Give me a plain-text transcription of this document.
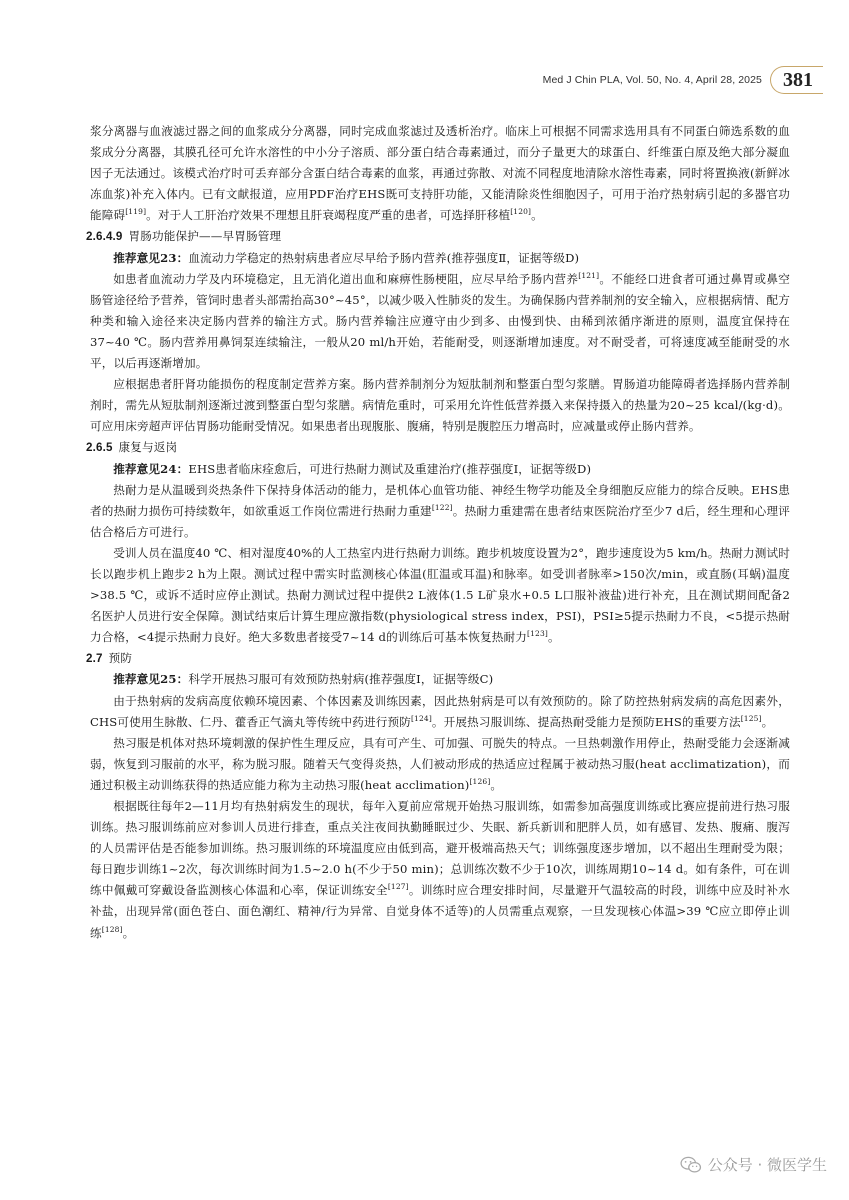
Med J Chin PLA, Vol. 50, No. 4, April 28, 2025	381

浆分离器与血液滤过器之间的血浆成分分离器，同时完成血浆滤过及透析治疗。临床上可根据不同需求选用具有不同蛋白筛选系数的血浆成分分离器，其膜孔径可允许水溶性的中小分子溶质、部分蛋白结合毒素通过，而分子量更大的球蛋白、纤维蛋白原及绝大部分凝血因子无法通过。该模式治疗时可丢弃部分含蛋白结合毒素的血浆，再通过弥散、对流不同程度地清除水溶性毒素，同时将置换液(新鲜冰冻血浆)补充入体内。已有文献报道，应用PDF治疗EHS既可支持肝功能，又能清除炎性细胞因子，可用于治疗热射病引起的多器官功能障碍[119]。对于人工肝治疗效果不理想且肝衰竭程度严重的患者，可选择肝移植[120]。

2.6.4.9 胃肠功能保护——早胃肠管理

推荐意见23：血流动力学稳定的热射病患者应尽早给予肠内营养(推荐强度Ⅱ，证据等级D)

如患者血流动力学及内环境稳定，且无消化道出血和麻痹性肠梗阻，应尽早给予肠内营养[121]。不能经口进食者可通过鼻胃或鼻空肠管途径给予营养，管饲时患者头部需抬高30°~45°，以减少吸入性肺炎的发生。为确保肠内营养制剂的安全输入，应根据病情、配方种类和输入途径来决定肠内营养的输注方式。肠内营养输注应遵守由少到多、由慢到快、由稀到浓循序渐进的原则，温度宜保持在37~40 ℃。肠内营养用鼻饲泵连续输注，一般从20 ml/h开始，若能耐受，则逐渐增加速度。对不耐受者，可将速度减至能耐受的水平，以后再逐渐增加。

应根据患者肝肾功能损伤的程度制定营养方案。肠内营养制剂分为短肽制剂和整蛋白型匀浆膳。胃肠道功能障碍者选择肠内营养制剂时，需先从短肽制剂逐渐过渡到整蛋白型匀浆膳。病情危重时，可采用允许性低营养摄入来保持摄入的热量为20~25 kcal/(kg·d)。可应用床旁超声评估胃肠功能耐受情况。如果患者出现腹胀、腹痛，特别是腹腔压力增高时，应减量或停止肠内营养。

2.6.5 康复与返岗

推荐意见24：EHS患者临床痊愈后，可进行热耐力测试及重建治疗(推荐强度Ⅰ，证据等级D)

热耐力是从温暖到炎热条件下保持身体活动的能力，是机体心血管功能、神经生物学功能及全身细胞反应能力的综合反映。EHS患者的热耐力损伤可持续数年，如欲重返工作岗位需进行热耐力重建[122]。热耐力重建需在患者结束医院治疗至少7 d后，经生理和心理评估合格后方可进行。

受训人员在温度40 ℃、相对湿度40%的人工热室内进行热耐力训练。跑步机坡度设置为2°，跑步速度设为5 km/h。热耐力测试时长以跑步机上跑步2 h为上限。测试过程中需实时监测核心体温(肛温或耳温)和脉率。如受训者脉率>150次/min，或直肠(耳蜗)温度>38.5 ℃，或诉不适时应停止测试。热耐力测试过程中提供2 L液体(1.5 L矿泉水+0.5 L口服补液盐)进行补充，且在测试期间配备2名医护人员进行安全保障。测试结束后计算生理应激指数(physiological stress index，PSI)，PSI≥5提示热耐力不良，<5提示热耐力合格，<4提示热耐力良好。绝大多数患者接受7~14 d的训练后可基本恢复热耐力[123]。

2.7 预防

推荐意见25：科学开展热习服可有效预防热射病(推荐强度Ⅰ，证据等级C)

由于热射病的发病高度依赖环境因素、个体因素及训练因素，因此热射病是可以有效预防的。除了防控热射病发病的高危因素外，CHS可使用生脉散、仁丹、藿香正气滴丸等传统中药进行预防[124]。开展热习服训练、提高热耐受能力是预防EHS的重要方法[125]。

热习服是机体对热环境刺激的保护性生理反应，具有可产生、可加强、可脱失的特点。一旦热刺激作用停止，热耐受能力会逐渐减弱，恢复到习服前的水平，称为脱习服。随着天气变得炎热，人们被动形成的热适应过程属于被动热习服(heat acclimatization)，而通过积极主动训练获得的热适应能力称为主动热习服(heat acclimation)[126]。

根据既往每年2—11月均有热射病发生的现状，每年入夏前应常规开始热习服训练，如需参加高强度训练或比赛应提前进行热习服训练。热习服训练前应对参训人员进行排查，重点关注夜间执勤睡眠过少、失眠、新兵新训和肥胖人员，如有感冒、发热、腹痛、腹泻的人员需评估是否能参加训练。热习服训练的环境温度应由低到高，避开极端高热天气；训练强度逐步增加，以不超出生理耐受为限；每日跑步训练1~2次，每次训练时间为1.5~2.0 h(不少于50 min)；总训练次数不少于10次，训练周期10~14 d。如有条件，可在训练中佩戴可穿戴设备监测核心体温和心率，保证训练安全[127]。训练时应合理安排时间，尽量避开气温较高的时段，训练中应及时补水补盐，出现异常(面色苍白、面色潮红、精神/行为异常、自觉身体不适等)的人员需重点观察，一旦发现核心体温>39 ℃应立即停止训练[128]。

公众号 · 微医学生
